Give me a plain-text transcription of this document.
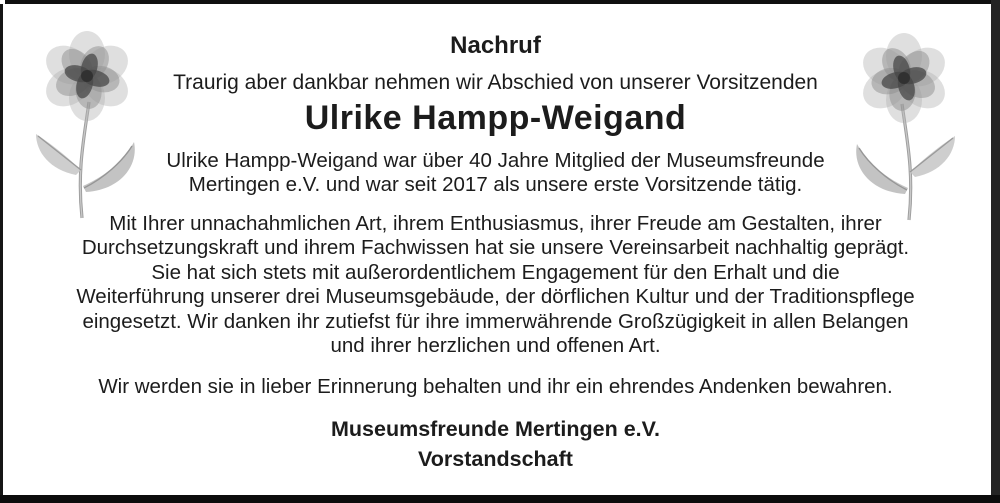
Nachruf
Traurig aber dankbar nehmen wir Abschied von unserer Vorsitzenden
Ulrike Hampp-Weigand
Ulrike Hampp-Weigand war über 40 Jahre Mitglied der Museumsfreunde
Mertingen e.V. und war seit 2017 als unsere erste Vorsitzende tätig.
Mit Ihrer unnachahmlichen Art, ihrem Enthusiasmus, ihrer Freude am Gestalten, ihrer
Durchsetzungskraft und ihrem Fachwissen hat sie unsere Vereinsarbeit nachhaltig geprägt.
Sie hat sich stets mit außerordentlichem Engagement für den Erhalt und die
Weiterführung unserer drei Museumsgebäude, der dörflichen Kultur und der Traditionspflege
eingesetzt. Wir danken ihr zutiefst für ihre immerwährende Großzügigkeit in allen Belangen
und ihrer herzlichen und offenen Art.
Wir werden sie in lieber Erinnerung behalten und ihr ein ehrendes Andenken bewahren.
Museumsfreunde Mertingen e.V.
Vorstandschaft
